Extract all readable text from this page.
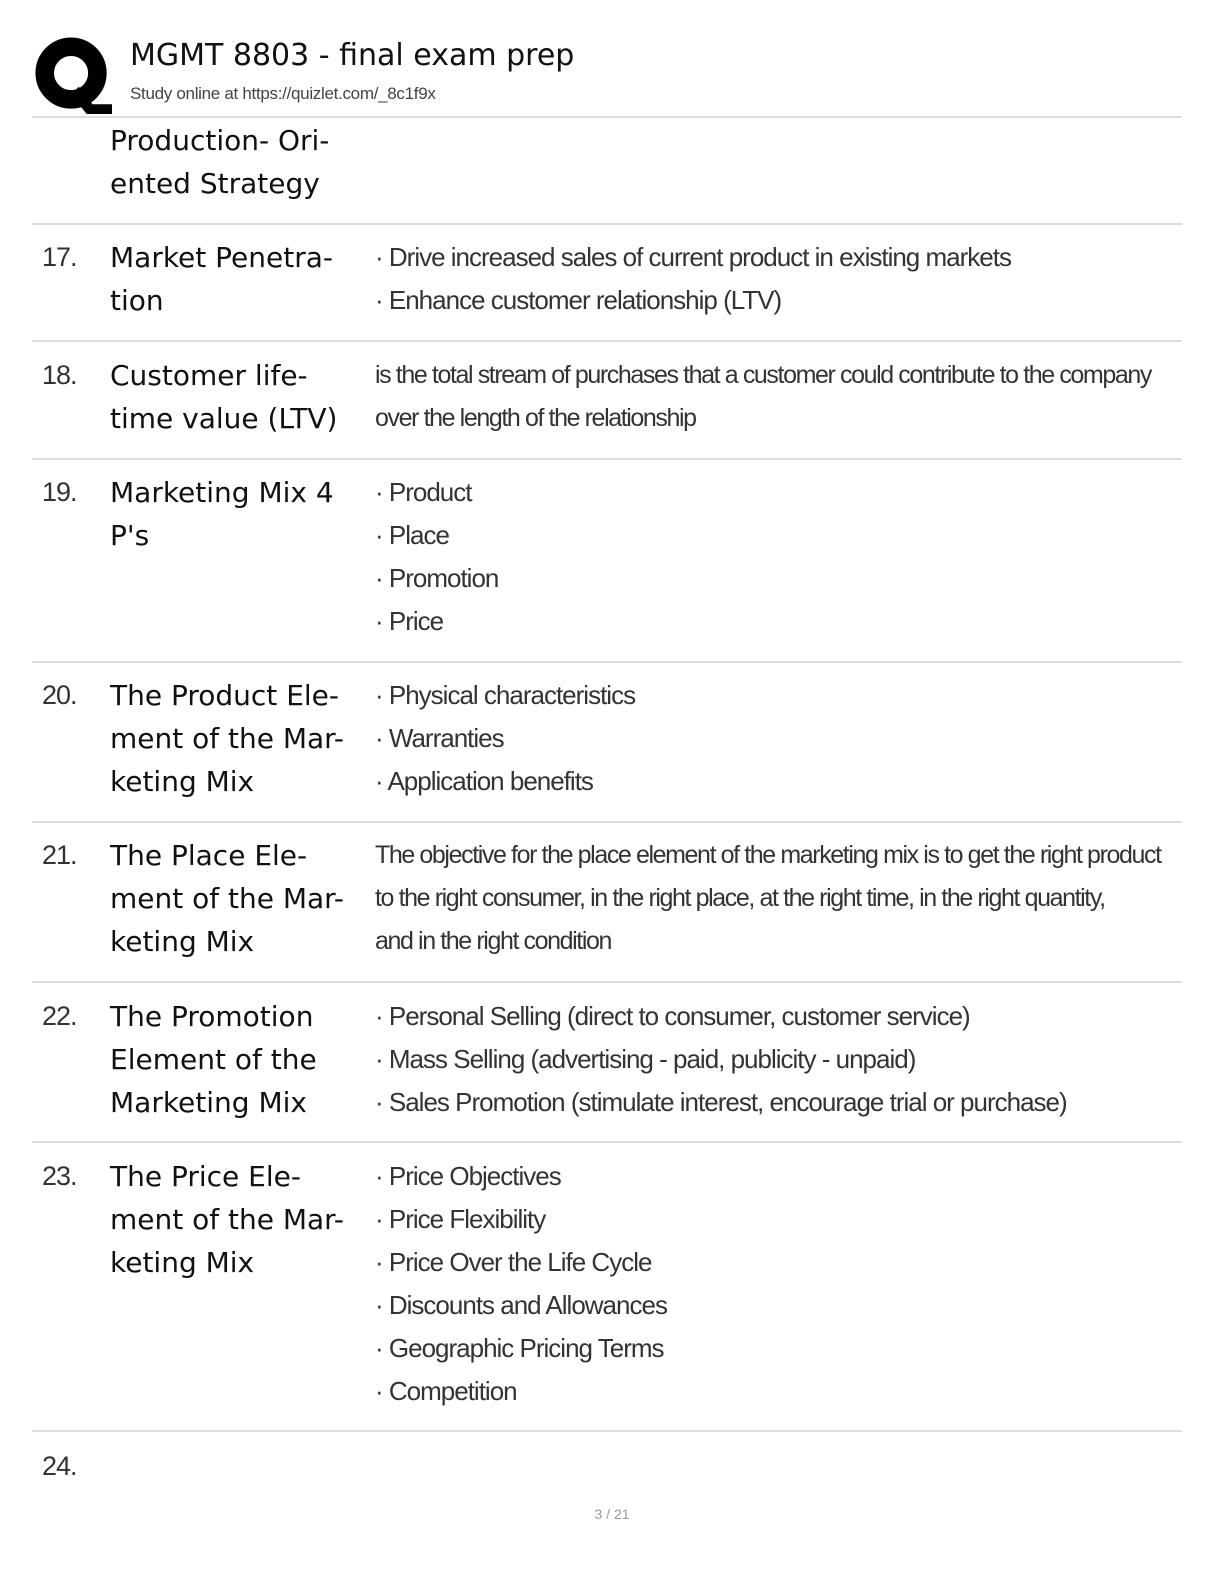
MGMT 8803 - final exam prep
Study online at https://quizlet.com/_8c1f9x
Production- Ori-
ented Strategy
17. Market Penetra-
tion
· Drive increased sales of current product in existing markets
· Enhance customer relationship (LTV)
18. Customer life-
time value (LTV)
is the total stream of purchases that a customer could contribute to the company
over the length of the relationship
19. Marketing Mix 4
P's
· Product
· Place
· Promotion
· Price
20. The Product Ele-
ment of the Mar-
keting Mix
· Physical characteristics
· Warranties
· Application benefits
21. The Place Ele-
ment of the Mar-
keting Mix
The objective for the place element of the marketing mix is to get the right product
to the right consumer, in the right place, at the right time, in the right quantity,
and in the right condition
22. The Promotion
Element of the
Marketing Mix
· Personal Selling (direct to consumer, customer service)
· Mass Selling (advertising - paid, publicity - unpaid)
· Sales Promotion (stimulate interest, encourage trial or purchase)
23. The Price Ele-
ment of the Mar-
keting Mix
· Price Objectives
· Price Flexibility
· Price Over the Life Cycle
· Discounts and Allowances
· Geographic Pricing Terms
· Competition
24.
3 / 21
